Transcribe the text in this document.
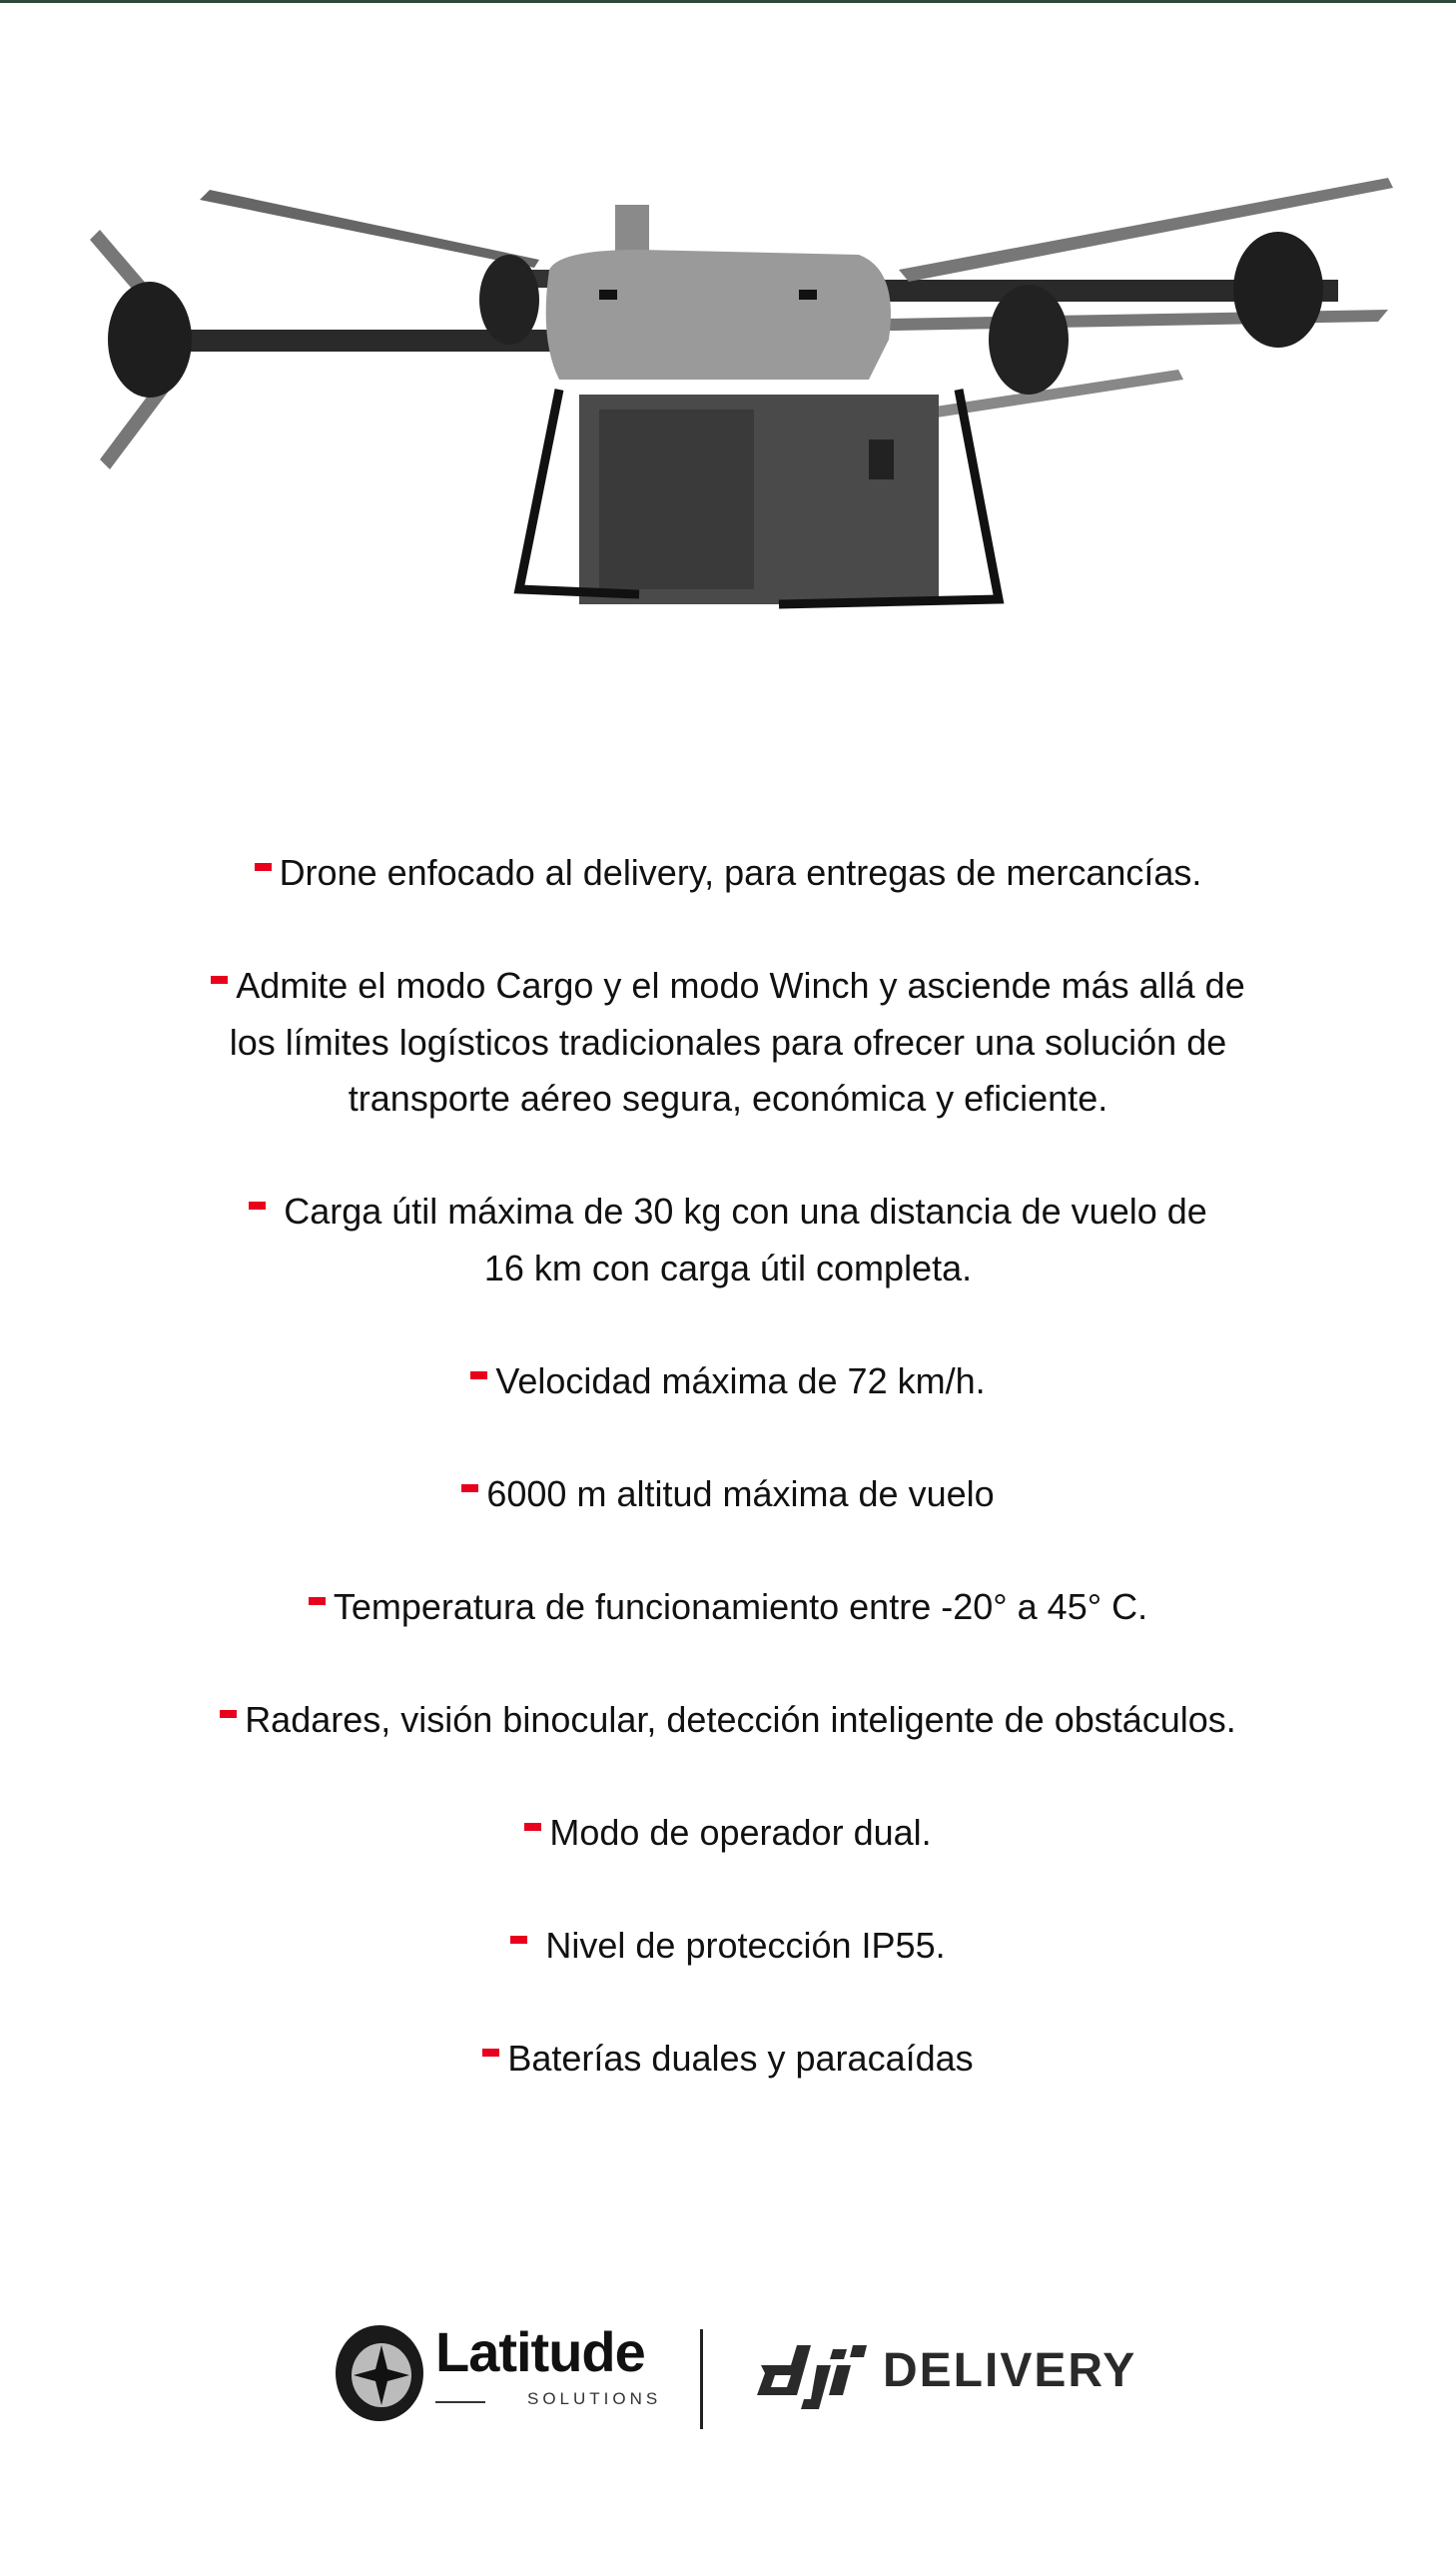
Drone enfocado al delivery, para entregas de mercancías.
Admite el modo Cargo y el modo Winch y asciende más allá de
los límites logísticos tradicionales para ofrecer una solución de
transporte aéreo segura, económica y eficiente.
Carga útil máxima de 30 kg con una distancia de vuelo de
16 km con carga útil completa.
Velocidad máxima de 72 km/h.
6000 m altitud máxima de vuelo
Temperatura de funcionamiento entre -20° a 45° C.
Radares, visión binocular, detección inteligente de obstáculos.
Modo de operador dual.
Nivel de protección IP55.
Baterías duales y paracaídas
Latitude
SOLUTIONS
DELIVERY
